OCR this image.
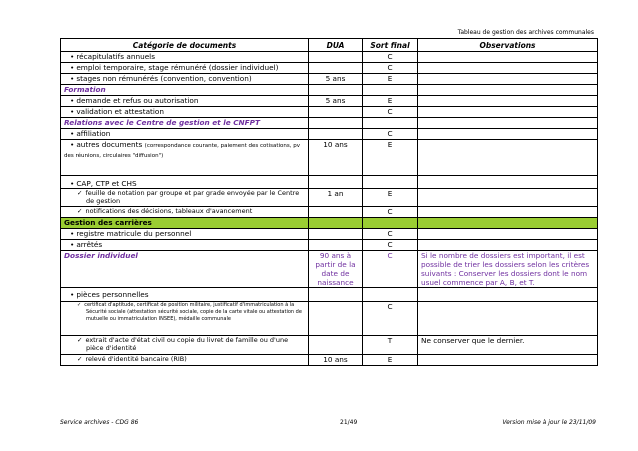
Tableau de gestion des archives communales
Catégorie de documents	DUA	Sort final	Observations

• récapitulatifs annuels		C	

• emploi temporaire, stage rémunéré (dossier individuel)		C	

• stages non rémunérés (convention, convention)	5 ans	E	
Formation			

• demande et refus ou autorisation	5 ans	E	

• validation et attestation		C	
Relations avec le Centre de gestion et le CNFPT			

• affiliation		C	
• autres documents (correspondance courante, paiement des cotisations, pv des réunions, circulaires "diffusion")	10 ans	E	

• CAP, CTP et CHS

✓ feuille de notation par groupe et par grade envoyée par le Centre de gestion	1 an	E	

✓ notifications des décisions, tableaux d'avancement		C	
Gestion des carrières			

• registre matricule du personnel		C	

• arrêtés		C	
Dossier individuel	90 ans à partir de la date de naissance	C	Si le nombre de dossiers est important, il est possible de trier les dossiers selon les critères suivants : Conserver les dossiers dont le nom usuel commence par A, B, et T.

• pièces personnelles

✓ certificat d'aptitude, certificat de position militaire, justificatif d'immatriculation à la Sécurité sociale (attestation sécurité sociale, copie de la carte vitale ou attestation de mutuelle ou immatriculation INSEE), médaille communale		C	

✓ extrait d'acte d'état civil ou copie du livret de famille ou d'une pièce d'identité		T	Ne conserver que le dernier.

✓ relevé d'identité bancaire (RIB)	10 ans	E	
Service archives - CDG 86	21/49	Version mise à jour le 23/11/09
